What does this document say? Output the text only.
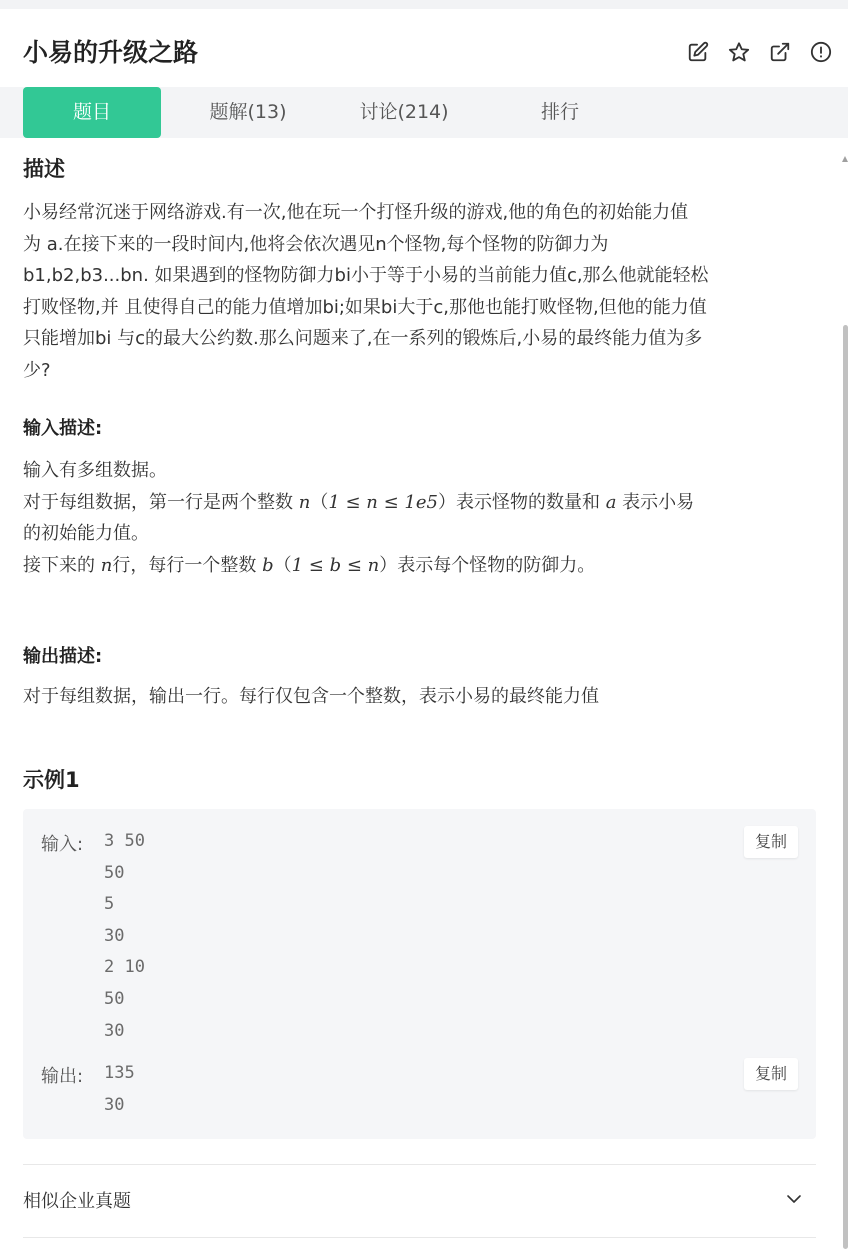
小易的升级之路
题目	题解(13)	讨论(214)	排行
描述

小易经常沉迷于网络游戏.有一次,他在玩一个打怪升级的游戏,他的角色的初始能力值

为 a.在接下来的一段时间内,他将会依次遇见n个怪物,每个怪物的防御力为

b1,b2,b3...bn. 如果遇到的怪物防御力bi小于等于小易的当前能力值c,那么他就能轻松

打败怪物,并 且使得自己的能力值增加bi;如果bi大于c,那他也能打败怪物,但他的能力值

只能增加bi 与c的最大公约数.那么问题来了,在一系列的锻炼后,小易的最终能力值为多

少?

输入描述:

输入有多组数据。

对于每组数据，第一行是两个整数 n（1 ≤ n ≤ 1e5）表示怪物的数量和 a 表示小易

的初始能力值。

接下来的 n行，每行一个整数 b（1 ≤ b ≤ n）表示每个怪物的防御力。

输出描述:
对于每组数据，输出一行。每行仅包含一个整数，表示小易的最终能力值
示例1
输入: 3 50
50
5
30
2 10
50
30
复制
输出: 135
30
复制
相似企业真题
